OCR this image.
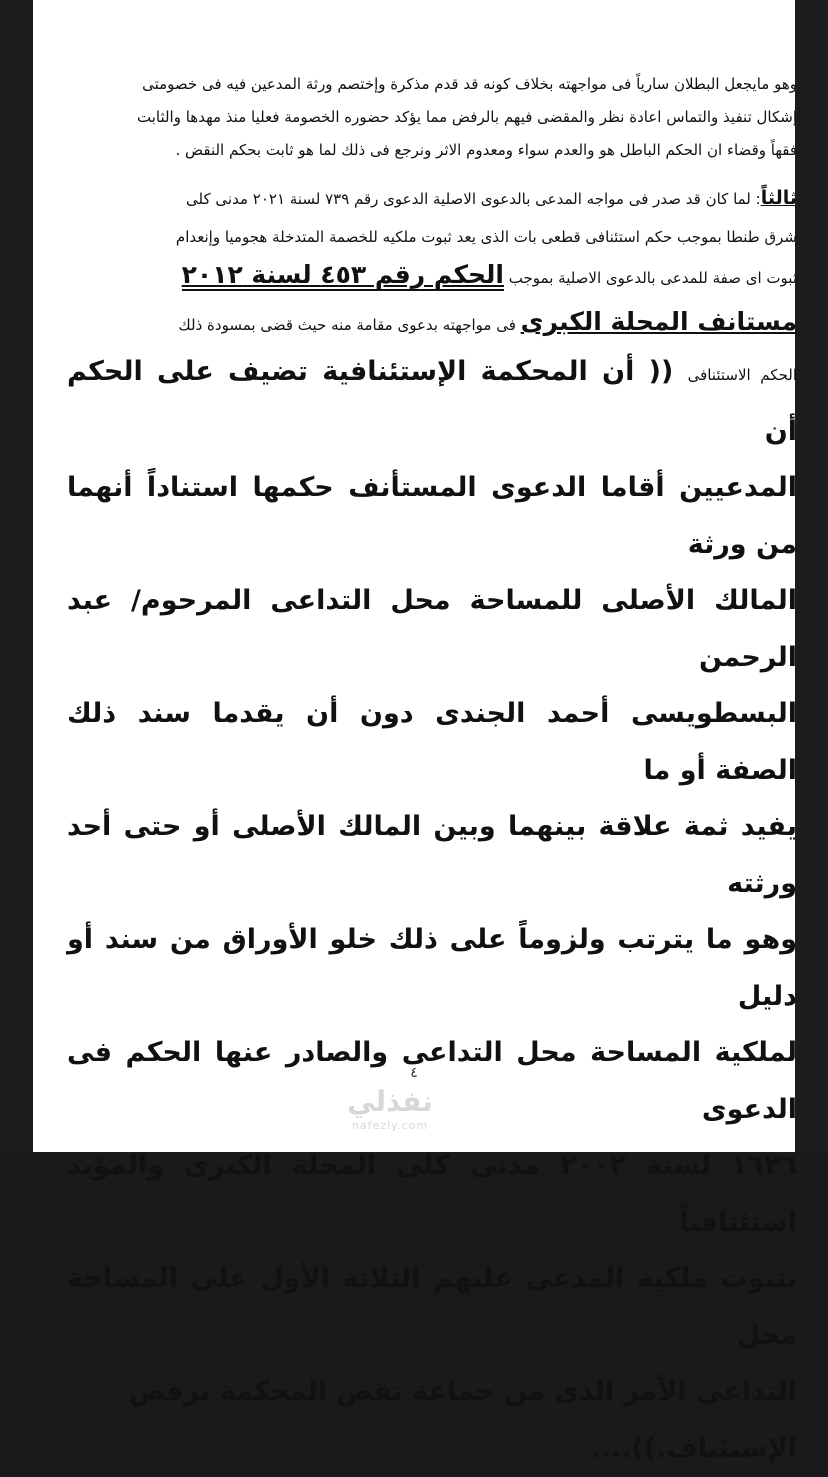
وهو مايجعل البطلان سارياً فى مواجهته بخلاف كونه قد قدم مذكرة وإختصم ورثة المدعين فيه فى خصومتى
إشكال تنفيذ والتماس اعادة نظر والمقضى فيهم بالرفض مما يؤكد حضوره الخصومة فعليا منذ مهدها والثابت
فقهاً وقضاء ان الحكم الباطل هو والعدم سواء ومعدوم الاثر ونرجع فى ذلك لما هو ثابت بحكم النقض .

ثالثاً: لما كان قد صدر فى مواجه المدعى بالدعوى الاصلية الدعوى رقم ٧٣٩ لسنة ٢٠٢١ مدنى كلى
شرق طنطا بموجب حكم استئنافى قطعى بات الذى يعد ثبوت ملكيه للخصمة المتدخلة هجوميا وإنعدام
ثبوت اى صفة للمدعى بالدعوى الاصلية بموجب الحكم رقم ٤٥٣ لسنة ٢٠١٢
مستانف المحلة الكبرى فى مواجهته بدعوى مقامة منه حيث قضى بمسودة ذلك

الحكم الاستئنافى (( أن المحكمة الإستئنافية تضيف على الحكم أن
المدعيين أقاما الدعوى المستأنف حكمها استناداً أنهما من ورثة
المالك الأصلى للمساحة محل التداعى المرحوم/ عبد الرحمن
البسطويسى أحمد الجندى دون أن يقدما سند ذلك الصفة أو ما
يفيد ثمة علاقة بينهما وبين المالك الأصلى أو حتى أحد ورثته
وهو ما يترتب ولزوماً على ذلك خلو الأوراق من سند أو دليل
لملكية المساحة محل التداعى والصادر عنها الحكم فى الدعوى
١٦٢٦ لسنة ٢٠٠٢ مدنى كلى المحلة الكبرى والمؤيد استئنافياً
بثبوت ملكية المدعى عليهم الثلاثة الأول على المساحة محل
التداعى الأمر الذى من جماعة تقض المحكمة برفض
الإستئناف.))....

٤
نفذلي
nafezly.com
